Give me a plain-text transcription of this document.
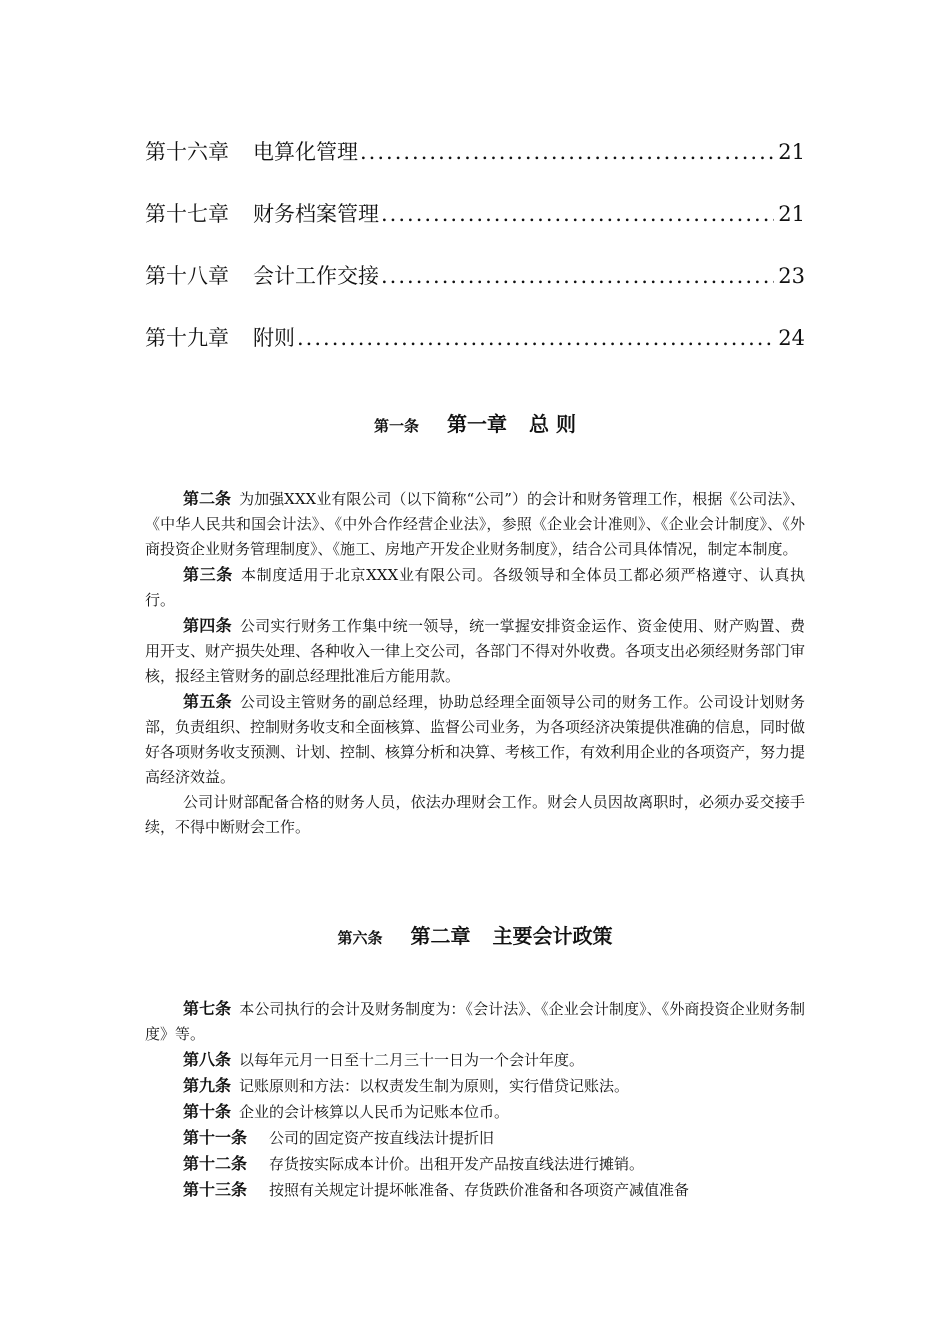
第十六章 电算化管理 .....	21
第十七章 财务档案管理 .....	21
第十八章 会计工作交接 .....	23
第十九章 附则 .....	24
第一条 第一章 总 则

第二条 为加强XXX业有限公司（以下简称“公司”）的会计和财务管理工作，根据《公司法》、《中华人民共和国会计法》、《中外合作经营企业法》，参照《企业会计准则》、《企业会计制度》、《外商投资企业财务管理制度》、《施工、房地产开发企业财务制度》，结合公司具体情况，制定本制度。

第三条 本制度适用于北京XXX业有限公司。各级领导和全体员工都必须严格遵守、认真执行。

第四条 公司实行财务工作集中统一领导，统一掌握安排资金运作、资金使用、财产购置、费用开支、财产损失处理、各种收入一律上交公司，各部门不得对外收费。各项支出必须经财务部门审核，报经主管财务的副总经理批准后方能用款。

第五条 公司设主管财务的副总经理，协助总经理全面领导公司的财务工作。公司设计划财务部，负责组织、控制财务收支和全面核算、监督公司业务，为各项经济决策提供准确的信息，同时做好各项财务收支预测、计划、控制、核算分析和决算、考核工作，有效利用企业的各项资产，努力提高经济效益。

公司计财部配备合格的财务人员，依法办理财会工作。财会人员因故离职时，必须办妥交接手续，不得中断财会工作。

第六条 第二章 主要会计政策

第七条 本公司执行的会计及财务制度为：《会计法》、《企业会计制度》、《外商投资企业财务制度》等。

第八条 以每年元月一日至十二月三十一日为一个会计年度。

第九条 记账原则和方法：以权责发生制为原则，实行借贷记账法。

第十条 企业的会计核算以人民币为记账本位币。

第十一条 公司的固定资产按直线法计提折旧

第十二条 存货按实际成本计价。出租开发产品按直线法进行摊销。

第十三条 按照有关规定计提坏帐准备、存货跌价准备和各项资产减值准备
